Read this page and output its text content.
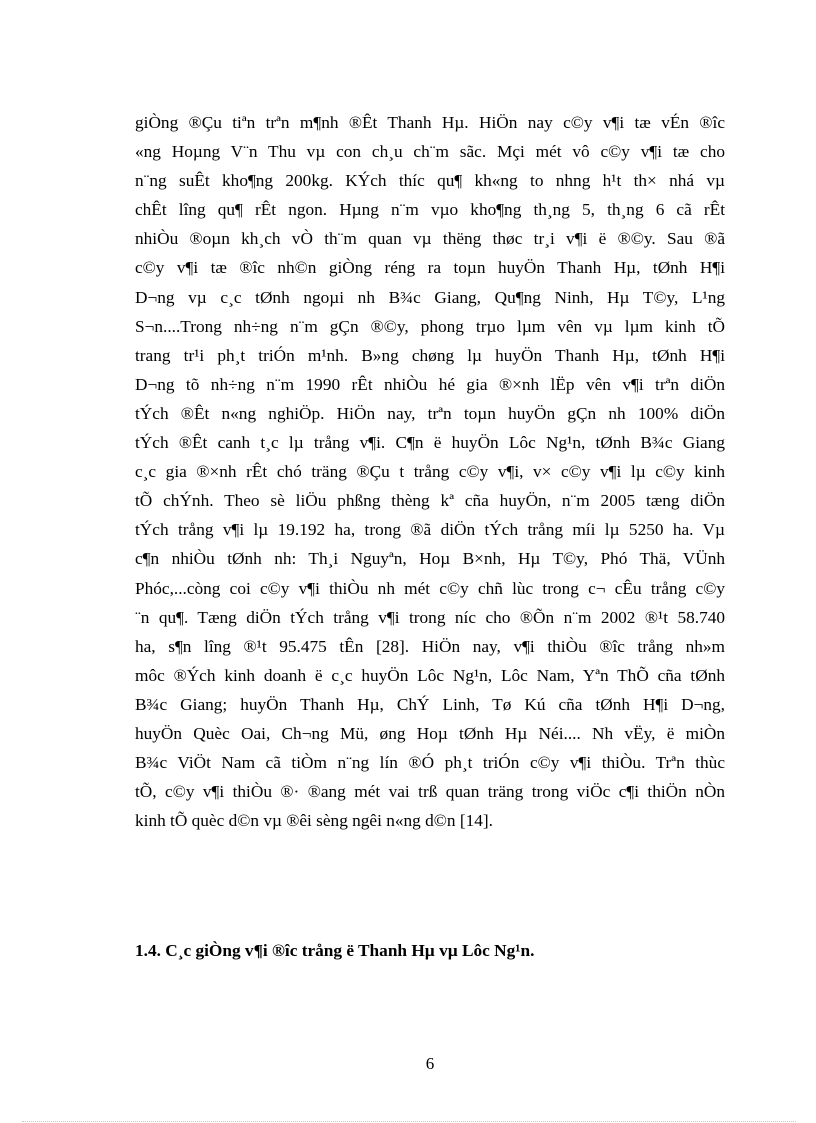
giÒng ®Çu tiªn trªn m¶nh ®Êt Thanh Hµ. HiÖn nay c©y v¶i tæ vÉn ®îc
«ng Hoµng V¨n Thu vµ con ch¸u ch¨m sãc. Mçi mét vô c©y v¶i tæ cho
n¨ng suÊt kho¶ng 200kg. KÝch thíc qu¶ kh«ng to nhng h¹t th× nhá vµ
chÊt lîng qu¶ rÊt ngon. Hµng n¨m vµo kho¶ng th¸ng 5, th¸ng 6 cã rÊt
nhiÒu ®oµn kh¸ch vÒ th¨m quan vµ thëng thøc tr¸i v¶i ë ®©y. Sau ®ã
c©y v¶i tæ ®îc nh©n giÒng réng ra toµn huyÖn Thanh Hµ, tØnh H¶i
D¬ng vµ c¸c tØnh ngoµi nh B¾c Giang, Qu¶ng Ninh, Hµ T©y, L¹ng
S¬n....Trong nh÷ng n¨m gÇn ®©y, phong trµo lµm vên vµ lµm kinh tÕ
trang tr¹i ph¸t triÓn m¹nh. B»ng chøng lµ huyÖn Thanh Hµ, tØnh H¶i
D¬ng tõ nh÷ng n¨m 1990 rÊt nhiÒu hé gia ®×nh lËp vên v¶i trªn diÖn
tÝch ®Êt n«ng nghiÖp. HiÖn nay, trªn toµn huyÖn gÇn nh 100% diÖn
tÝch ®Êt canh t¸c lµ trång v¶i. C¶n ë huyÖn Lôc Ng¹n, tØnh B¾c Giang
c¸c gia ®×nh rÊt chó träng ®Çu t trång c©y v¶i, v× c©y v¶i lµ c©y kinh
tÕ chÝnh. Theo sè liÖu phßng thèng kª cña huyÖn, n¨m 2005 tæng diÖn
tÝch trång v¶i lµ 19.192 ha, trong ®ã diÖn tÝch trång míi lµ 5250 ha. Vµ
c¶n nhiÒu tØnh nh: Th¸i Nguyªn, Hoµ B×nh, Hµ T©y, Phó Thä, VÜnh
Phóc,...còng coi c©y v¶i thiÒu nh mét c©y chñ lùc trong c¬ cÊu trång c©y
¨n qu¶. Tæng diÖn tÝch trång v¶i trong níc cho ®Õn n¨m 2002 ®¹t 58.740
ha, s¶n lîng ®¹t 95.475 tÊn [28]. HiÖn nay, v¶i thiÒu ®îc trång nh»m
môc ®Ých kinh doanh ë c¸c huyÖn Lôc Ng¹n, Lôc Nam, Yªn ThÕ cña tØnh
B¾c Giang; huyÖn Thanh Hµ, ChÝ Linh, Tø Kú cña tØnh H¶i D¬ng,
huyÖn Quèc Oai, Ch¬ng Mü, øng Hoµ tØnh Hµ Néi.... Nh vËy, ë miÒn
B¾c ViÖt Nam cã tiÒm n¨ng lín ®Ó ph¸t triÓn c©y v¶i thiÒu. Trªn thùc
tÕ, c©y v¶i thiÒu ®· ®ang mét vai trß quan träng trong viÖc c¶i thiÖn nÒn
kinh tÕ quèc d©n vµ ®êi sèng ngêi n«ng d©n [14].
1.4. C¸c giÒng v¶i ®îc trång ë Thanh Hµ vµ Lôc Ng¹n.
6
